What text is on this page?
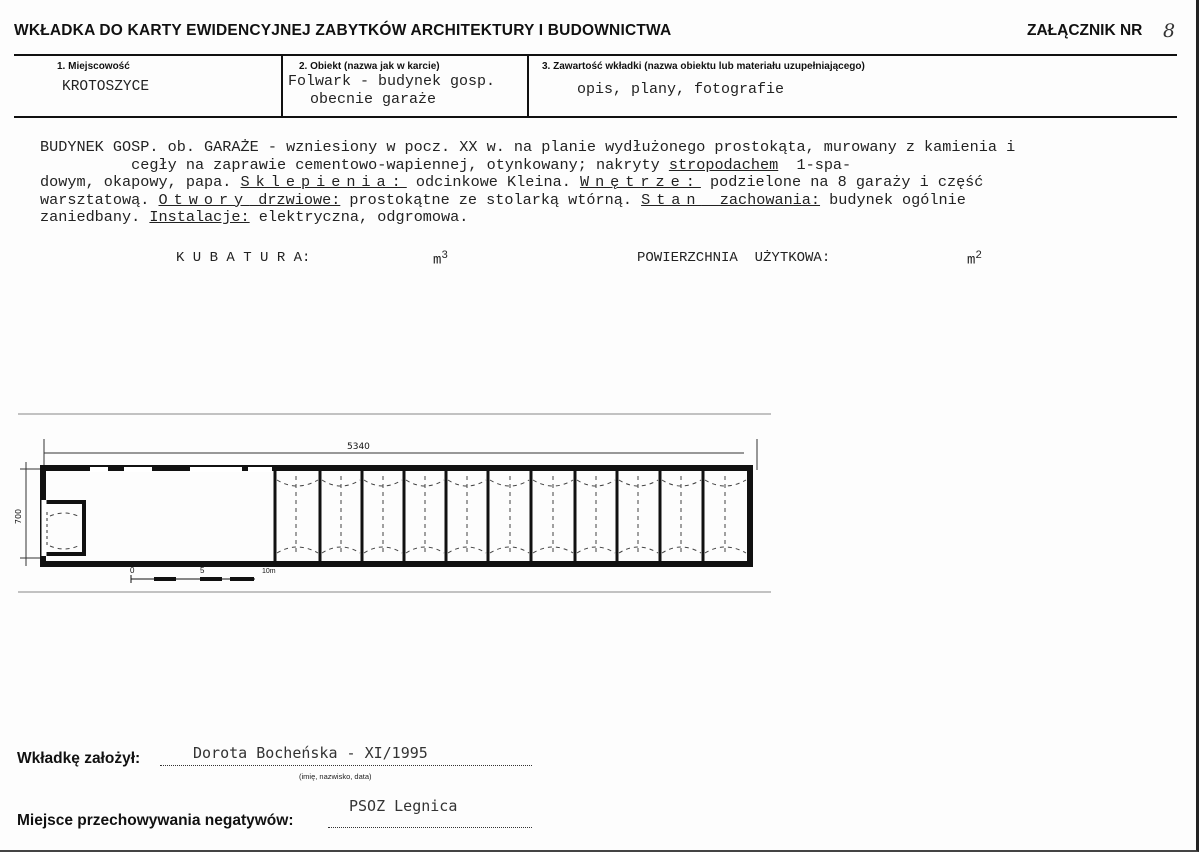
WKŁADKA DO KARTY EWIDENCYJNEJ ZABYTKÓW ARCHITEKTURY I BUDOWNICTWA	ZAŁĄCZNIK NR 8
1. Miejscowość
KROTOSZYCE
2. Obiekt (nazwa jak w karcie)
Folwark - budynek gosp.
obecnie garaże
3. Zawartość wkładki (nazwa obiektu lub materiału uzupełniającego)
opis, plany, fotografie
BUDYNEK GOSP. ob. GARAŻE - wzniesiony w pocz. XX w. na planie wydłużonego prostokąta, murowany z kamienia i
cegły na zaprawie cementowo-wapiennej, otynkowany; nakryty stropodachem  1-spa-
dowym, okapowy, papa. Sklepienia: odcinkowe Kleina. Wnętrze: podzielone na 8 garaży i część
warsztatową. Otwory drzwiowe: prostokątne ze stolarką wtórną. Stan  zachowania: budynek ogólnie
zaniedbany. Instalacje: elektryczna, odgromowa.
K U B A T U R A:	$m^3$	POWIERZCHNIA  UŻYTKOWA:	$m^2$
5340
700
0	5	10m
Wkładkę założył:	Dorota Bocheńska - XI/1995
(imię, nazwisko, data)
Miejsce przechowywania negatywów:
PSOZ Legnica
